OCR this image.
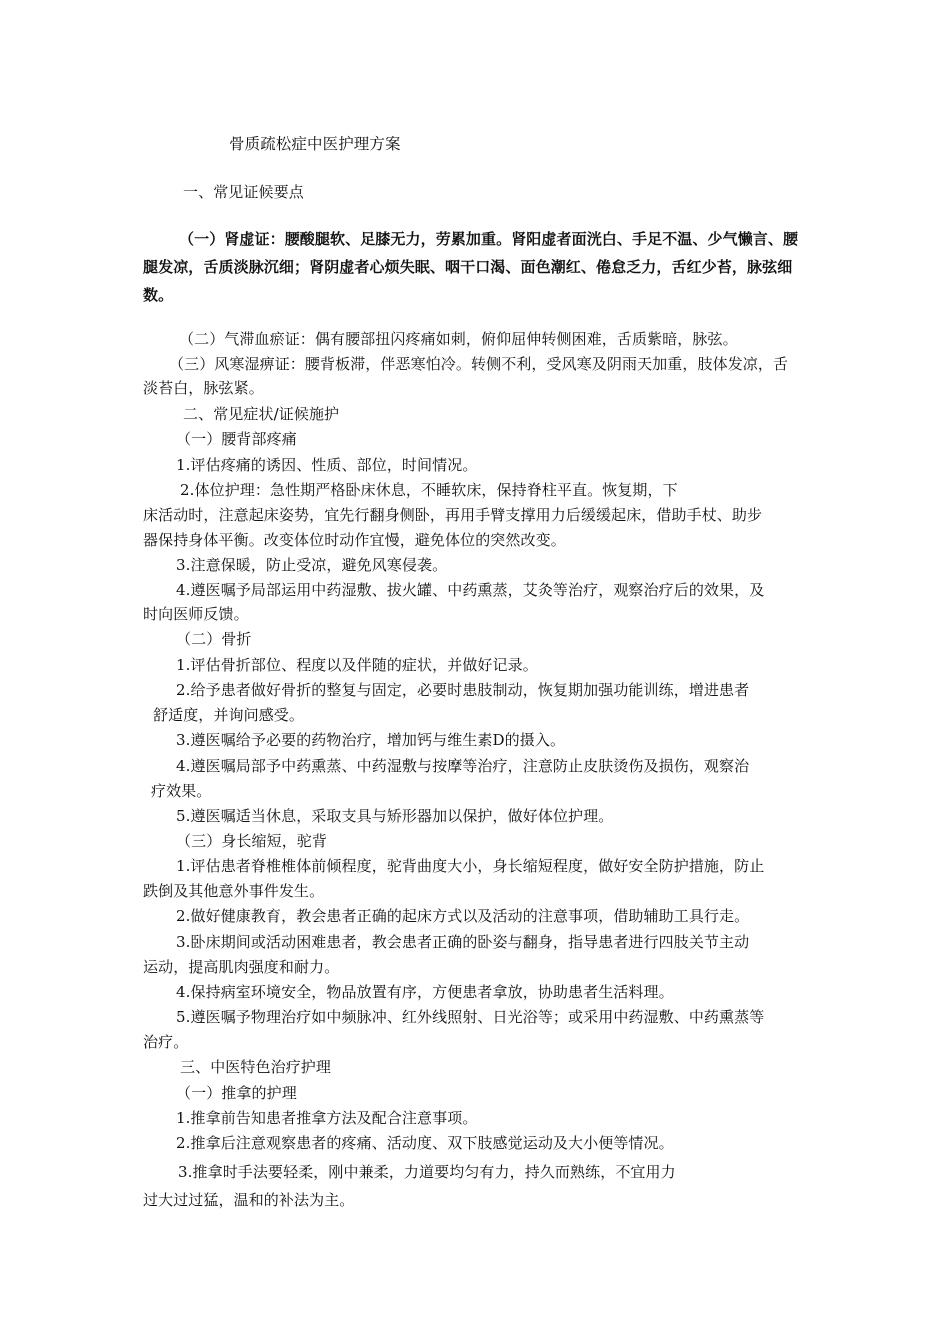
骨质疏松症中医护理方案
一、常见证候要点
（一）肾虚证：腰酸腿软、足膝无力，劳累加重。肾阳虚者面洸白、手足不温、少气懒言、腰
腿发凉，舌质淡脉沉细；肾阴虚者心烦失眠、咽干口渴、面色潮红、倦怠乏力，舌红少苔，脉弦细
数。
（二）气滞血瘀证：偶有腰部扭闪疼痛如刺，俯仰屈伸转侧困难，舌质紫暗，脉弦。
（三）风寒湿痹证：腰背板滞，伴恶寒怕冷。转侧不利，受风寒及阴雨天加重，肢体发凉，舌
淡苔白，脉弦紧。
二、常见症状/证候施护
（一）腰背部疼痛
1.评估疼痛的诱因、性质、部位，时间情况。
2.体位护理：急性期严格卧床休息，不睡软床，保持脊柱平直。恢复期，下
床活动时，注意起床姿势，宜先行翻身侧卧，再用手臂支撑用力后缓缓起床，借助手杖、助步
器保持身体平衡。改变体位时动作宜慢，避免体位的突然改变。
3.注意保暖，防止受凉，避免风寒侵袭。
4.遵医嘱予局部运用中药湿敷、拔火罐、中药熏蒸，艾灸等治疗，观察治疗后的效果，及
时向医师反馈。
（二）骨折
1.评估骨折部位、程度以及伴随的症状，并做好记录。
2.给予患者做好骨折的整复与固定，必要时患肢制动，恢复期加强功能训练，增进患者
舒适度，并询问感受。
3.遵医嘱给予必要的药物治疗，增加钙与维生素D的摄入。
4.遵医嘱局部予中药熏蒸、中药湿敷与按摩等治疗，注意防止皮肤烫伤及损伤，观察治
疗效果。
5.遵医嘱适当休息，采取支具与矫形器加以保护，做好体位护理。
（三）身长缩短，驼背
1.评估患者脊椎椎体前倾程度，驼背曲度大小，身长缩短程度，做好安全防护措施，防止
跌倒及其他意外事件发生。
2.做好健康教育，教会患者正确的起床方式以及活动的注意事项，借助辅助工具行走。
3.卧床期间或活动困难患者，教会患者正确的卧姿与翻身，指导患者进行四肢关节主动
运动，提高肌肉强度和耐力。
4.保持病室环境安全，物品放置有序，方便患者拿放，协助患者生活料理。
5.遵医嘱予物理治疗如中频脉冲、红外线照射、日光浴等；或采用中药湿敷、中药熏蒸等
治疗。
三、中医特色治疗护理
（一）推拿的护理
1.推拿前告知患者推拿方法及配合注意事项。
2.推拿后注意观察患者的疼痛、活动度、双下肢感觉运动及大小便等情况。
3.推拿时手法要轻柔，刚中兼柔，力道要均匀有力，持久而熟练，不宜用力
过大过过猛，温和的补法为主。
